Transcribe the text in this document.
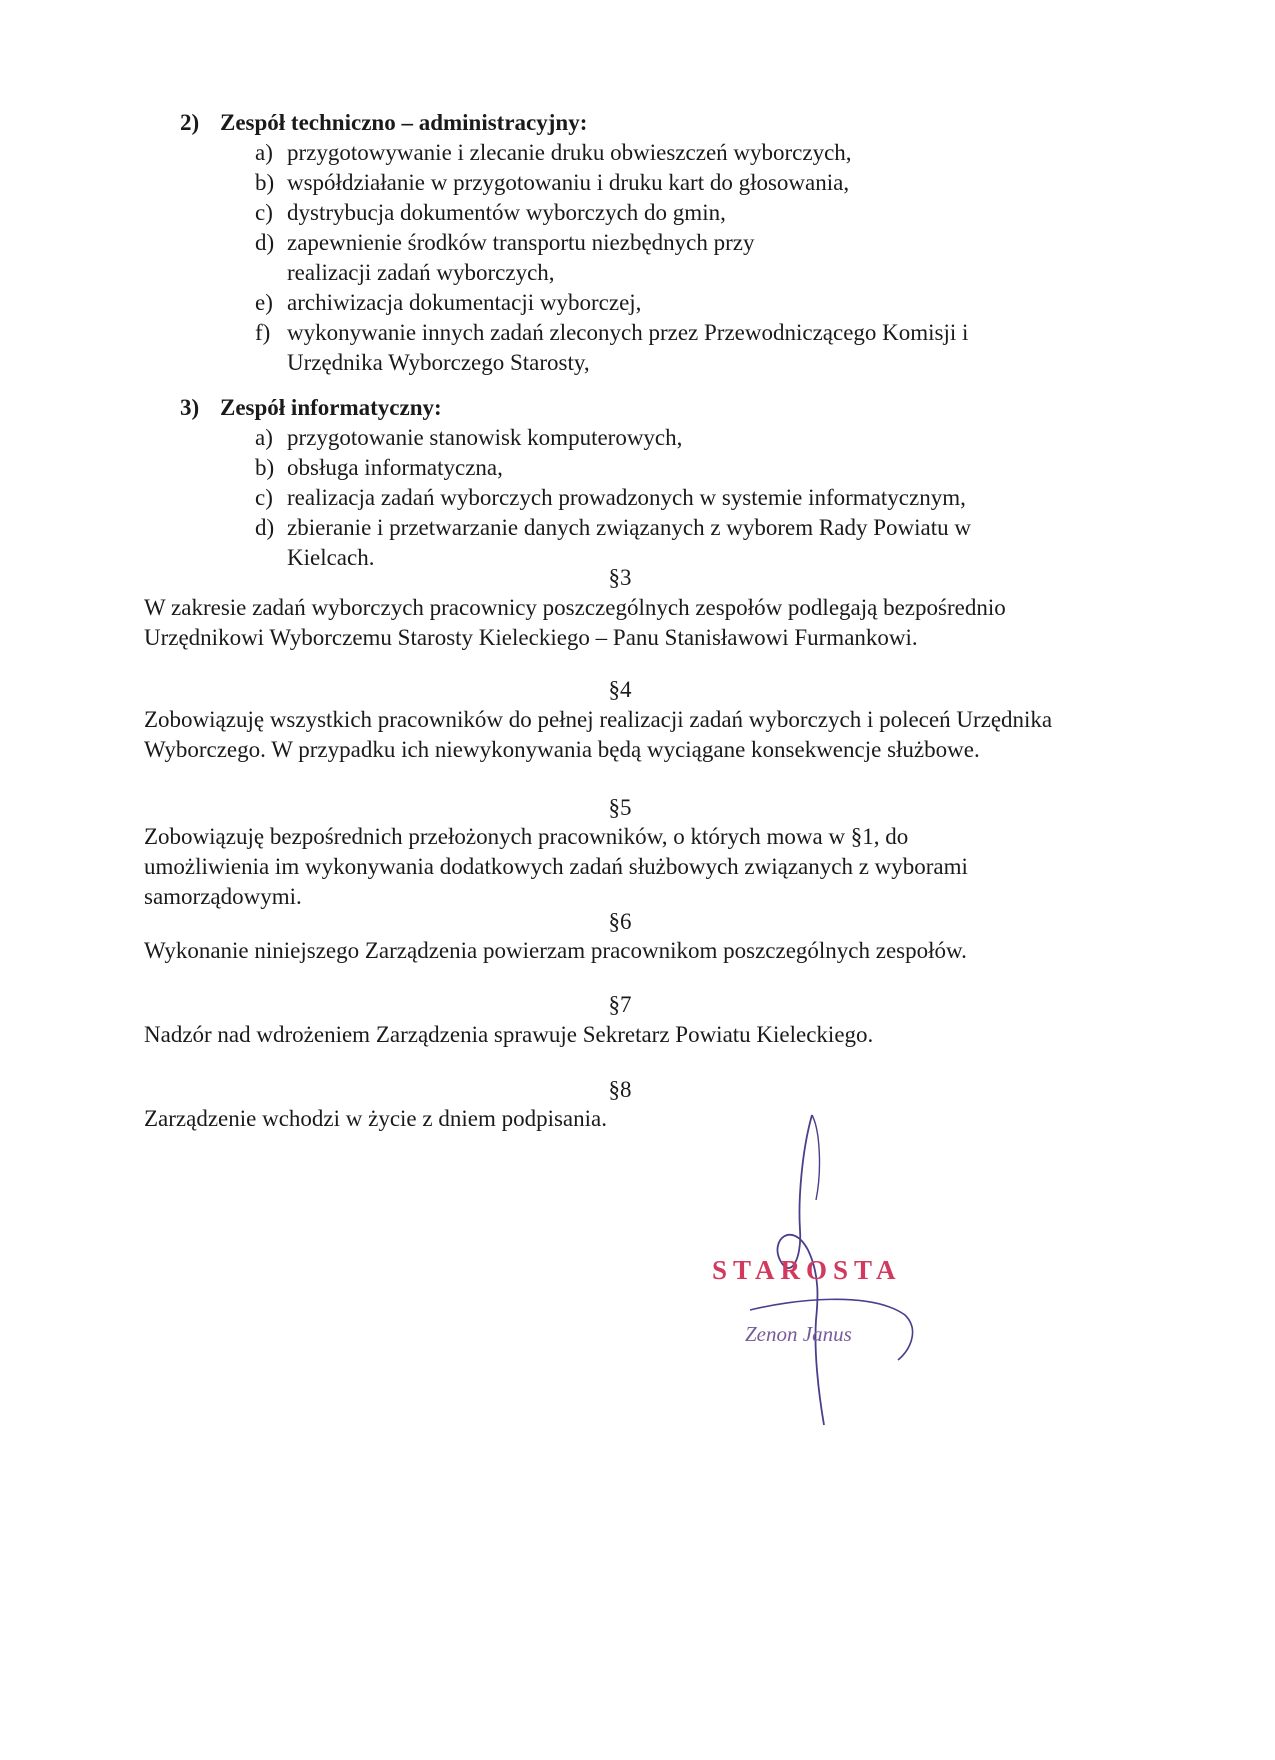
2) Zespół techniczno – administracyjny:
a) przygotowywanie i zlecanie druku obwieszczeń wyborczych,
b) współdziałanie w przygotowaniu i druku kart do głosowania,
c) dystrybucja dokumentów wyborczych do gmin,
d) zapewnienie środków transportu niezbędnych przy realizacji zadań wyborczych,
e) archiwizacja dokumentacji wyborczej,
f) wykonywanie innych zadań zleconych przez Przewodniczącego Komisji i Urzędnika Wyborczego Starosty,
3) Zespół informatyczny:
a) przygotowanie stanowisk komputerowych,
b) obsługa informatyczna,
c) realizacja zadań wyborczych prowadzonych w systemie informatycznym,
d) zbieranie i przetwarzanie danych związanych z wyborem Rady Powiatu w Kielcach.
§3
W zakresie zadań wyborczych pracownicy poszczególnych zespołów podlegają bezpośrednio Urzędnikowi Wyborczemu Starosty Kieleckiego – Panu Stanisławowi Furmankowi.
§4
Zobowiązuję wszystkich pracowników do pełnej realizacji zadań wyborczych i poleceń Urzędnika Wyborczego. W przypadku ich niewykonywania będą wyciągane konsekwencje służbowe.
§5
Zobowiązuję bezpośrednich przełożonych pracowników, o których mowa w §1, do umożliwienia im wykonywania dodatkowych zadań służbowych związanych z wyborami samorządowymi.
§6
Wykonanie niniejszego Zarządzenia powierzam pracownikom poszczególnych zespołów.
§7
Nadzór nad wdrożeniem Zarządzenia sprawuje Sekretarz Powiatu Kieleckiego.
§8
Zarządzenie wchodzi w życie z dniem podpisania.
STAROSTA
Zenon Janus
